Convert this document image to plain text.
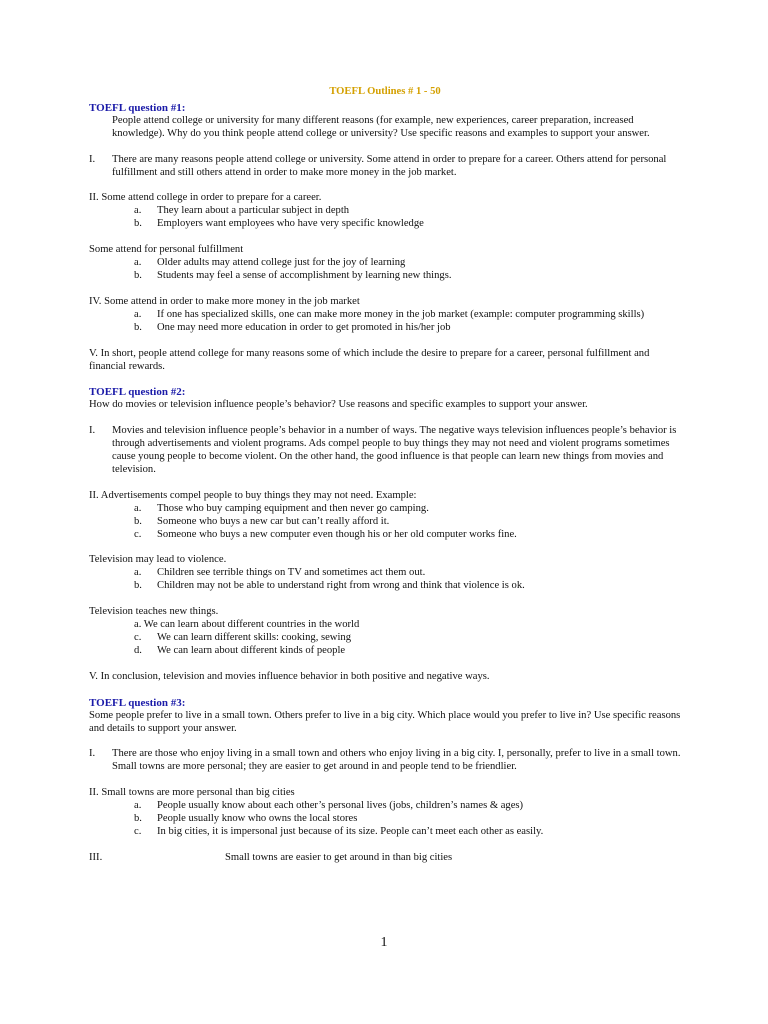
TOEFL Outlines # 1 - 50
TOEFL question #1:

People attend college or university for many different reasons (for example, new experiences, career preparation, increased knowledge). Why do you think people attend college or university? Use specific reasons and examples to support your answer.

I.	There are many reasons people attend college or university. Some attend in order to prepare for a career. Others attend for personal fulfillment and still others attend in order to make more money in the job market.

II. Some attend college in order to prepare for a career.

a.	They learn about a particular subject in depth
b.	Employers want employees who have very specific knowledge

Some attend for personal fulfillment

a.	Older adults may attend college just for the joy of learning
b.	Students may feel a sense of accomplishment by learning new things.

IV. Some attend in order to make more money in the job market

a.	If one has specialized skills, one can make more money in the job market (example: computer programming skills)
b.	One may need more education in order to get promoted in his/her job

V. In short, people attend college for many reasons some of which include the desire to prepare for a career, personal fulfillment and financial rewards.

TOEFL question #2:

How do movies or television influence people’s behavior? Use reasons and specific examples to support your answer.

I.	Movies and television influence people’s behavior in a number of ways. The negative ways television influences people’s behavior is through advertisements and violent programs. Ads compel people to buy things they may not need and violent programs sometimes cause young people to become violent. On the other hand, the good influence is that people can learn new things from movies and television.

II. Advertisements compel people to buy things they may not need. Example:

a.	Those who buy camping equipment and then never go camping.
b.	Someone who buys a new car but can’t really afford it.
c.	Someone who buys a new computer even though his or her old computer works fine.

Television may lead to violence.

a.	Children see terrible things on TV and sometimes act them out.
b.	Children may not be able to understand right from wrong and think that violence is ok.

Television teaches new things.

a. We can learn about different countries in the world
c.	We can learn different skills: cooking, sewing
d.	We can learn about different kinds of people

V. In conclusion, television and movies influence behavior in both positive and negative ways.

TOEFL question #3:

Some people prefer to live in a small town. Others prefer to live in a big city. Which place would you prefer to live in? Use specific reasons and details to support your answer.

I.	There are those who enjoy living in a small town and others who enjoy living in a big city. I, personally, prefer to live in a small town. Small towns are more personal; they are easier to get around in and people tend to be friendlier.

II. Small towns are more personal than big cities

a.	People usually know about each other’s personal lives (jobs, children’s names & ages)
b.	People usually know who owns the local stores
c.	In big cities, it is impersonal just because of its size. People can’t meet each other as easily.
III.	Small towns are easier to get around in than big cities
1
